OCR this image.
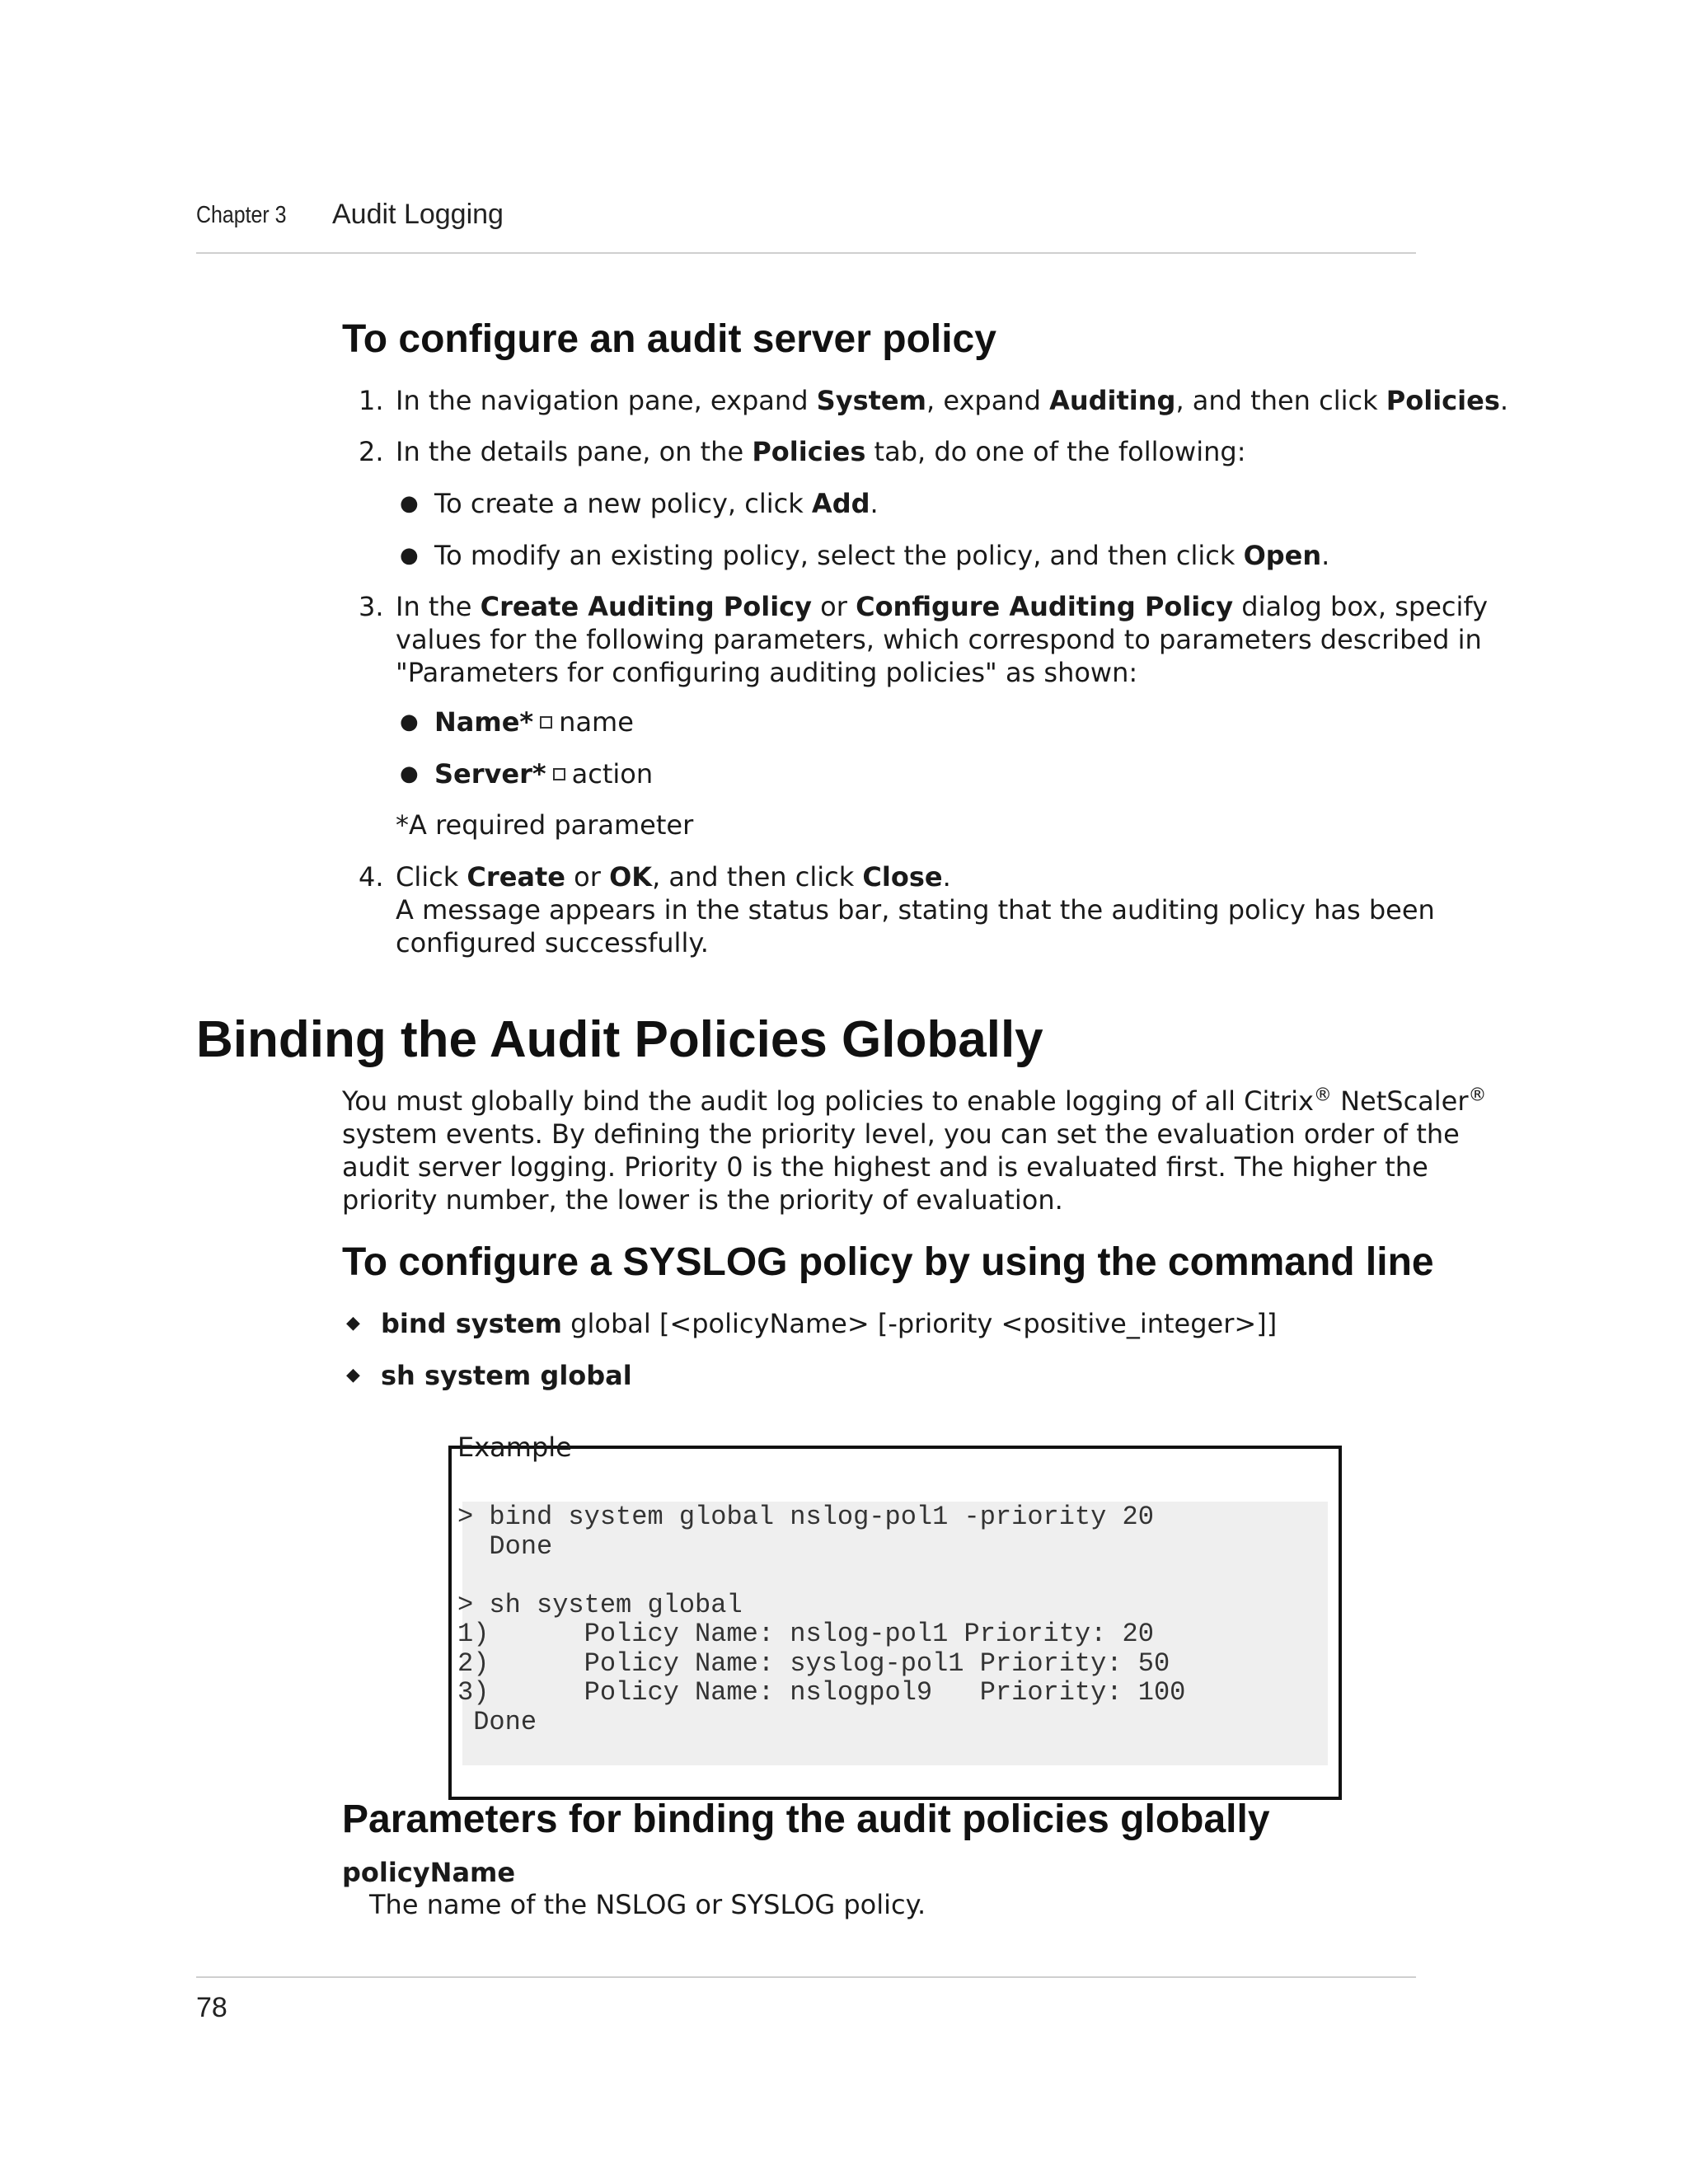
Chapter 3 Audit Logging
To configure an audit server policy
1. In the navigation pane, expand System, expand Auditing, and then click Policies.
2. In the details pane, on the Policies tab, do one of the following:
● To create a new policy, click Add.
● To modify an existing policy, select the policy, and then click Open.
3. In the Create Auditing Policy or Configure Auditing Policy dialog box, specify
values for the following parameters, which correspond to parameters described in
"Parameters for configuring auditing policies" as shown:
● Name* name
● Server* action
*A required parameter
4. Click Create or OK, and then click Close.
A message appears in the status bar, stating that the auditing policy has been
configured successfully.
Binding the Audit Policies Globally
You must globally bind the audit log policies to enable logging of all Citrix® NetScaler®
system events. By defining the priority level, you can set the evaluation order of the
audit server logging. Priority 0 is the highest and is evaluated first. The higher the
priority number, the lower is the priority of evaluation.
To configure a SYSLOG policy by using the command line
◆ bind system global [<policyName> [-priority <positive_integer>]]
◆ sh system global
Example
> bind system global nslog-pol1 -priority 20
Done

> sh system global
1)      Policy Name: nslog-pol1 Priority: 20
2)      Policy Name: syslog-pol1 Priority: 50
3)      Policy Name: nslogpol9   Priority: 100
Done
Parameters for binding the audit policies globally
policyName
The name of the NSLOG or SYSLOG policy.
78
